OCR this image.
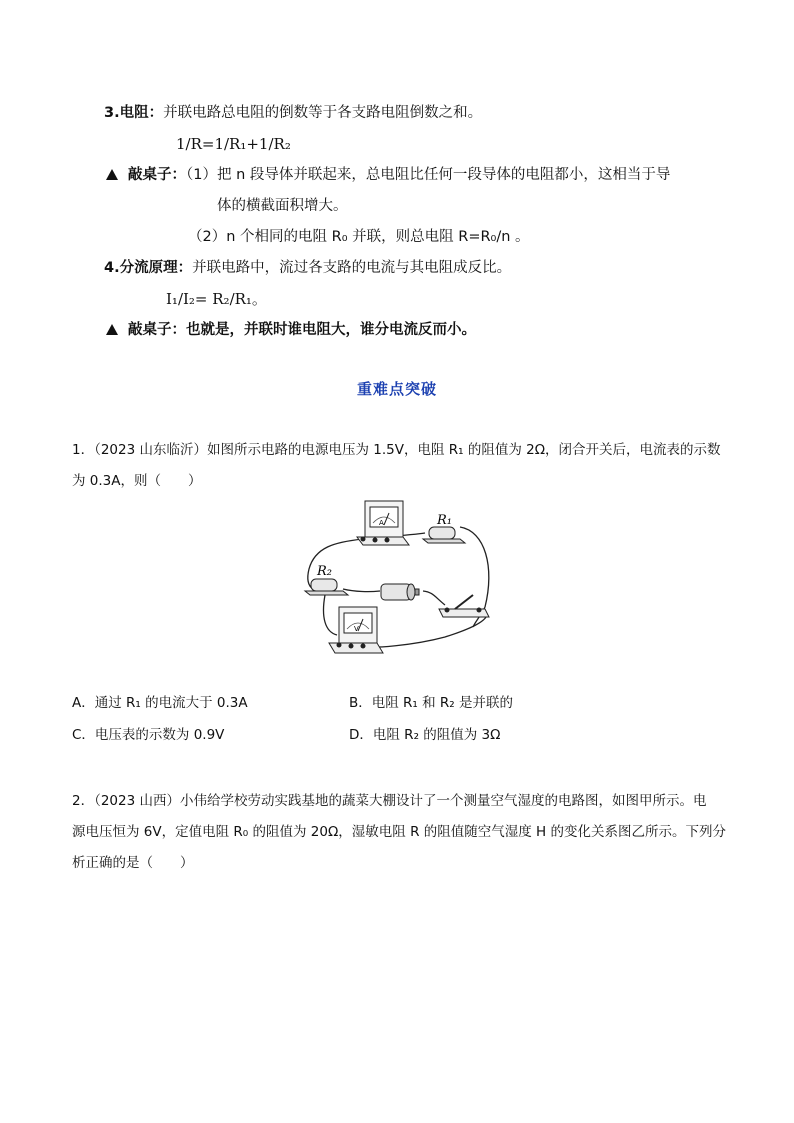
3.电阻：并联电路总电阻的倒数等于各支路电阻倒数之和。
1/R=1/R₁+1/R₂
敲桌子：（1）把 n 段导体并联起来，总电阻比任何一段导体的电阻都小，这相当于导
体的横截面积增大。
（2）n 个相同的电阻 R₀ 并联，则总电阻 R=R₀/n 。
4.分流原理：并联电路中，流过各支路的电流与其电阻成反比。
I₁/I₂= R₂/R₁。
敲桌子：也就是，并联时谁电阻大，谁分电流反而小。
重难点突破
1．（2023 山东临沂）如图所示电路的电源电压为 1.5V，电阻 R₁ 的阻值为 2Ω，闭合开关后，电流表的示数
为 0.3A，则（　　）
A	R₁
R₂
V
A．通过 R₁ 的电流大于 0.3A	B．电阻 R₁ 和 R₂ 是并联的
C．电压表的示数为 0.9V	D．电阻 R₂ 的阻值为 3Ω
2．（2023 山西）小伟给学校劳动实践基地的蔬菜大棚设计了一个测量空气湿度的电路图，如图甲所示。电
源电压恒为 6V，定值电阻 R₀ 的阻值为 20Ω，湿敏电阻 R 的阻值随空气湿度 H 的变化关系图乙所示。下列分
析正确的是（　　）
